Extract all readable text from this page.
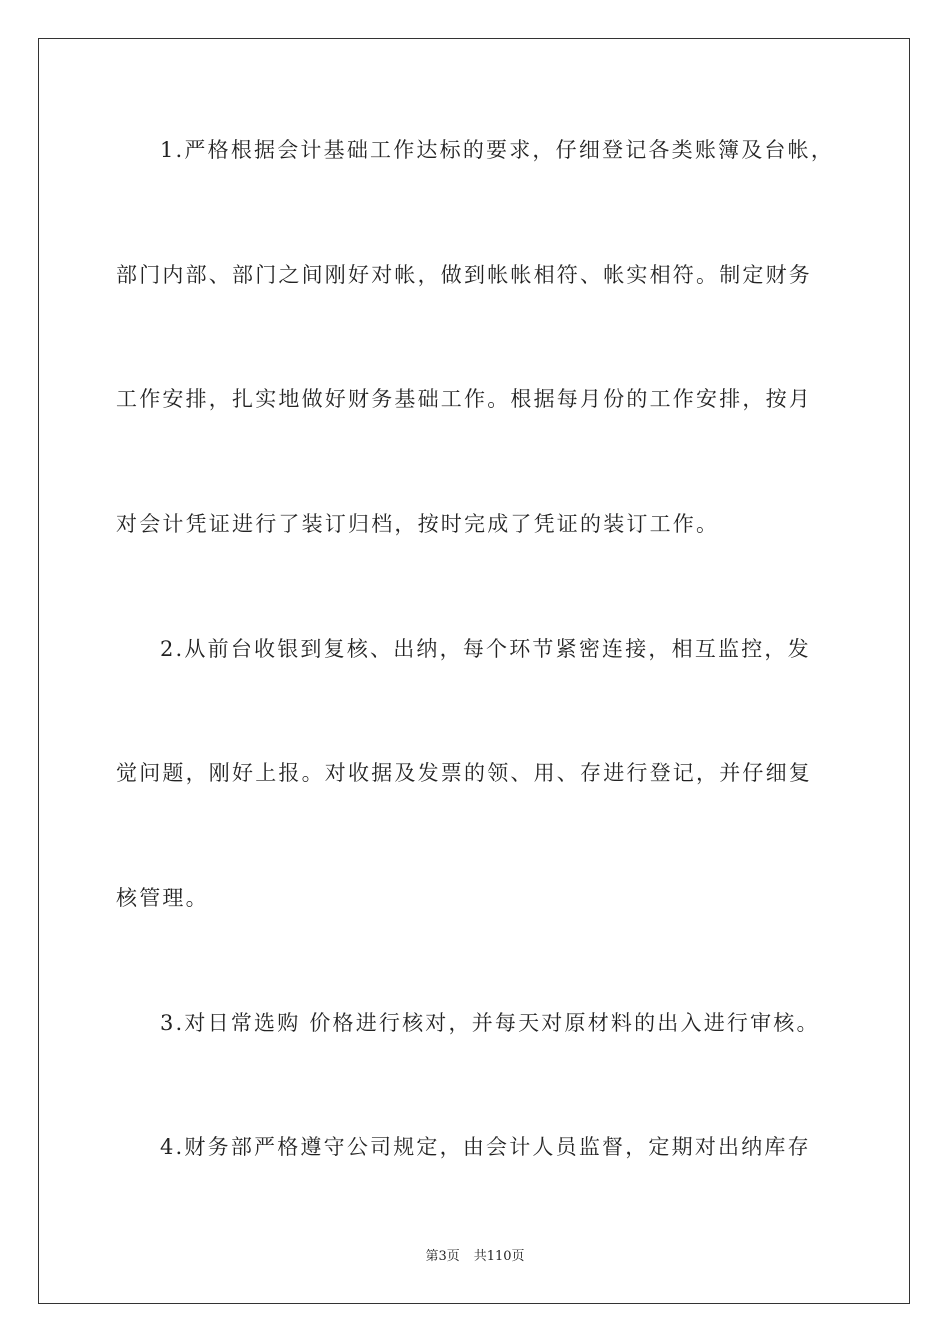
1.严格根据会计基础工作达标的要求，仔细登记各类账簿及台帐，
部门内部、部门之间刚好对帐，做到帐帐相符、帐实相符。制定财务
工作安排，扎实地做好财务基础工作。根据每月份的工作安排，按月
对会计凭证进行了装订归档，按时完成了凭证的装订工作。
2.从前台收银到复核、出纳，每个环节紧密连接，相互监控，发
觉问题，刚好上报。对收据及发票的领、用、存进行登记，并仔细复
核管理。
3.对日常选购 价格进行核对，并每天对原材料的出入进行审核。
4.财务部严格遵守公司规定，由会计人员监督，定期对出纳库存
第3页 共110页
